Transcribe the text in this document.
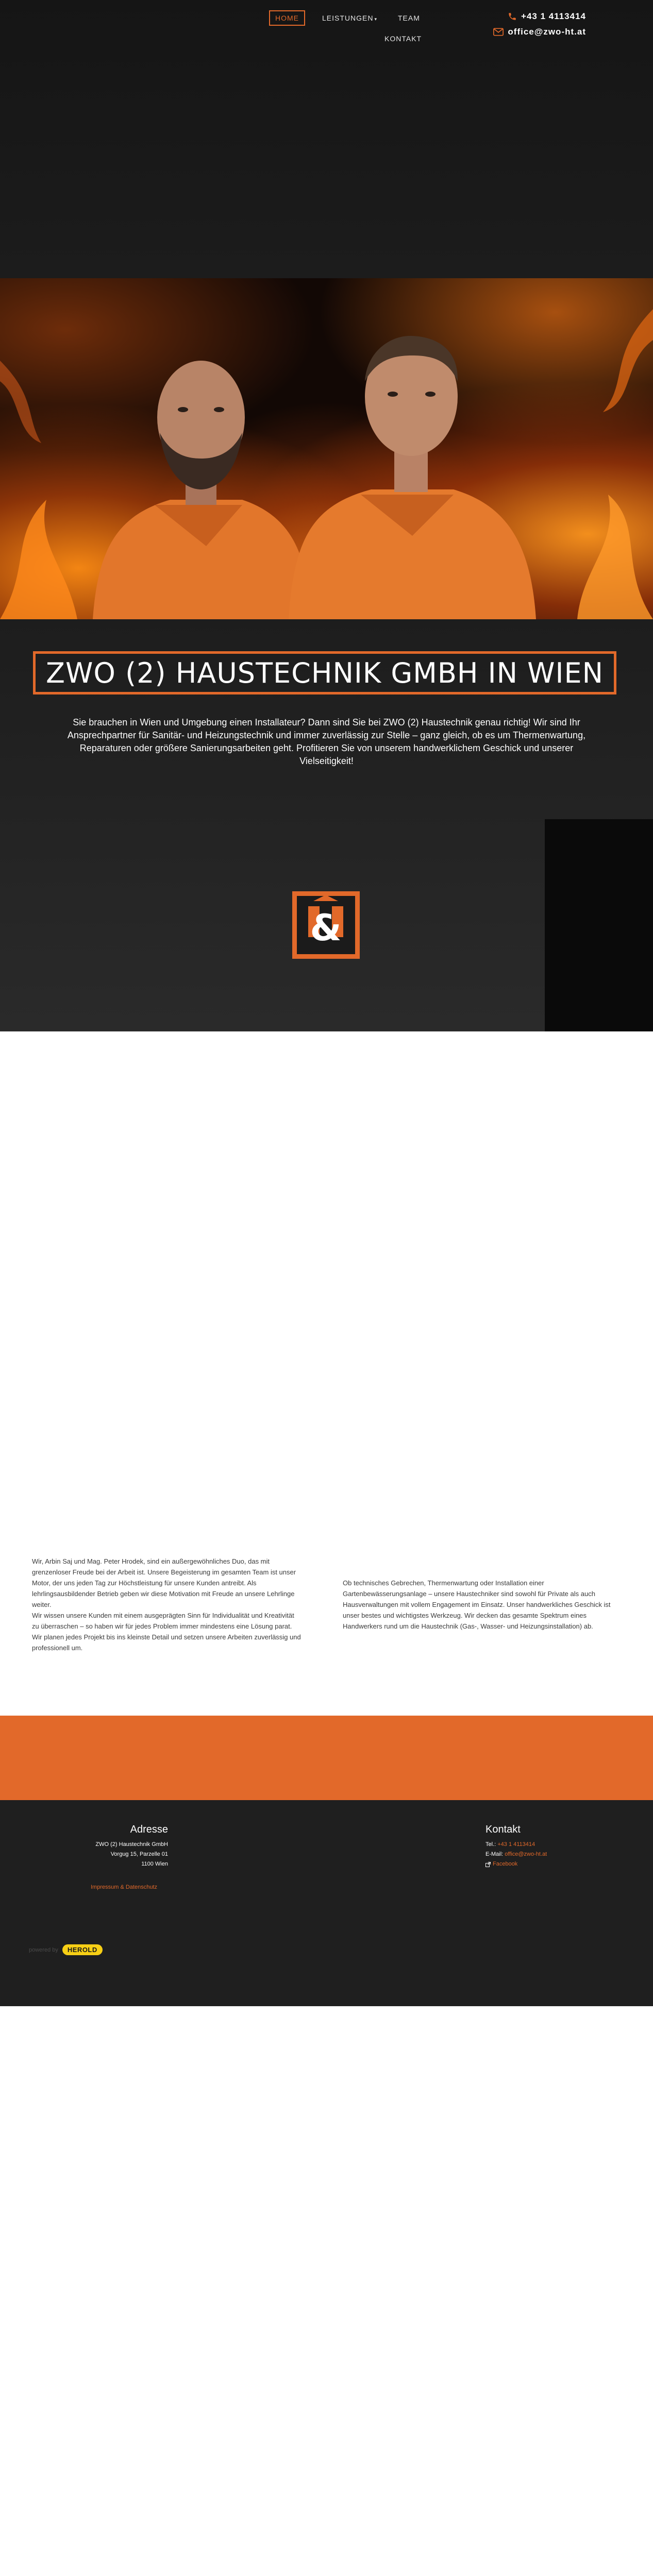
HOME	LEISTUNGEN ▾	TEAM
KONTAKT
+43 1 4113414
office@zwo-ht.at
ZWO (2) HAUSTECHNIK GMBH IN WIEN
Sie brauchen in Wien und Umgebung einen Installateur? Dann sind Sie bei ZWO (2) Haustechnik genau richtig! Wir sind Ihr Ansprechpartner für Sanitär- und Heizungstechnik und immer zuverlässig zur Stelle – ganz gleich, ob es um Thermenwartung, Reparaturen oder größere Sanierungsarbeiten geht. Profitieren Sie von unserem handwerklichem Geschick und unserer Vielseitigkeit!
&

Wir, Arbin Saj und Mag. Peter Hrodek, sind ein außergewöhnliches Duo, das mit grenzenloser Freude bei der Arbeit ist. Unsere Begeisterung im gesamten Team ist unser Motor, der uns jeden Tag zur Höchstleistung für unsere Kunden antreibt. Als lehrlingsausbildender Betrieb geben wir diese Motivation mit Freude an unsere Lehrlinge weiter.
Wir wissen unsere Kunden mit einem ausgeprägten Sinn für Individualität und Kreativität zu überraschen – so haben wir für jedes Problem immer mindestens eine Lösung parat. Wir planen jedes Projekt bis ins kleinste Detail und setzen unsere Arbeiten zuverlässig und professionell um.

Ob technisches Gebrechen, Thermenwartung oder Installation einer Gartenbewässerungsanlage – unsere Haustechniker sind sowohl für Private als auch Hausverwaltungen mit vollem Engagement im Einsatz. Unser handwerkliches Geschick ist unser bestes und wichtigstes Werkzeug. Wir decken das gesamte Spektrum eines Handwerkers rund um die Haustechnik (Gas-, Wasser- und Heizungsinstallation) ab.

Adresse
ZWO (2) Haustechnik GmbH
Vorgug 15, Parzelle 01
1100 Wien
Impressum & Datenschutz
Kontakt
Tel.: +43 1 4113414
E-Mail: office@zwo-ht.at
Facebook
powered by	HEROLD
